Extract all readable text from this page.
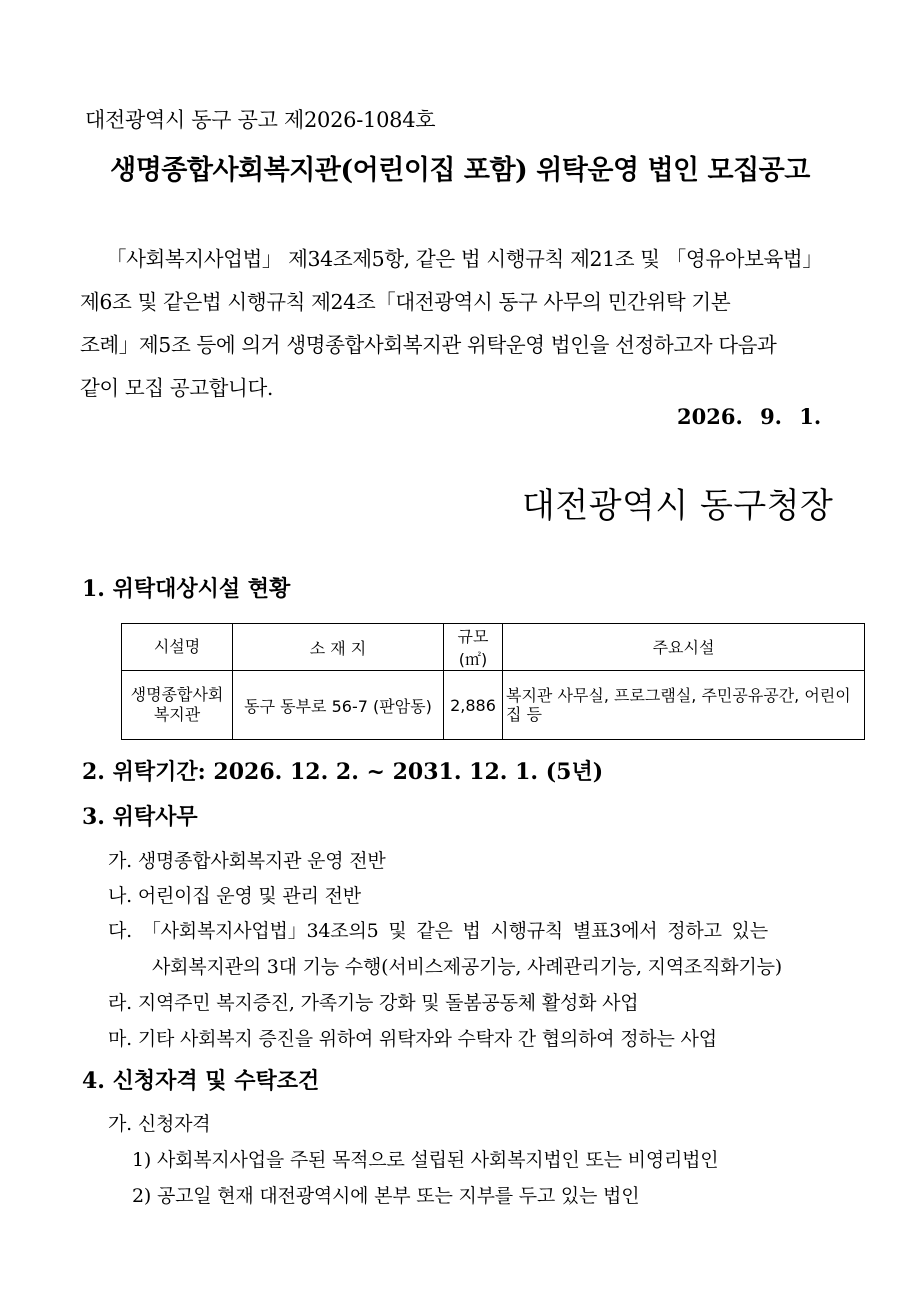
대전광역시 동구 공고 제2026-1084호
생명종합사회복지관(어린이집 포함) 위탁운영 법인 모집공고
「사회복지사업법」 제34조제5항, 같은 법 시행규칙 제21조 및 「영유아보육법」
제6조 및 같은법 시행규칙 제24조「대전광역시 동구 사무의 민간위탁 기본
조례」제5조 등에 의거 생명종합사회복지관 위탁운영 법인을 선정하고자 다음과
같이 모집 공고합니다.
2026. 9. 1.
대전광역시 동구청장
1. 위탁대상시설 현황
시설명	소 재 지	규모(㎡)	주요시설
생명종합사회복지관	동구 동부로 56-7 (판암동)	2,886	복지관 사무실, 프로그램실, 주민공유공간, 어린이집 등
2. 위탁기간: 2026. 12. 2. ~ 2031. 12. 1. (5년)
3. 위탁사무
가. 생명종합사회복지관 운영 전반
나. 어린이집 운영 및 관리 전반
다. 「사회복지사업법」34조의5 및 같은 법 시행규칙 별표3에서 정하고 있는
사회복지관의 3대 기능 수행(서비스제공기능, 사례관리기능, 지역조직화기능)
라. 지역주민 복지증진, 가족기능 강화 및 돌봄공동체 활성화 사업
마. 기타 사회복지 증진을 위하여 위탁자와 수탁자 간 협의하여 정하는 사업
4. 신청자격 및 수탁조건
가. 신청자격
1) 사회복지사업을 주된 목적으로 설립된 사회복지법인 또는 비영리법인
2) 공고일 현재 대전광역시에 본부 또는 지부를 두고 있는 법인
